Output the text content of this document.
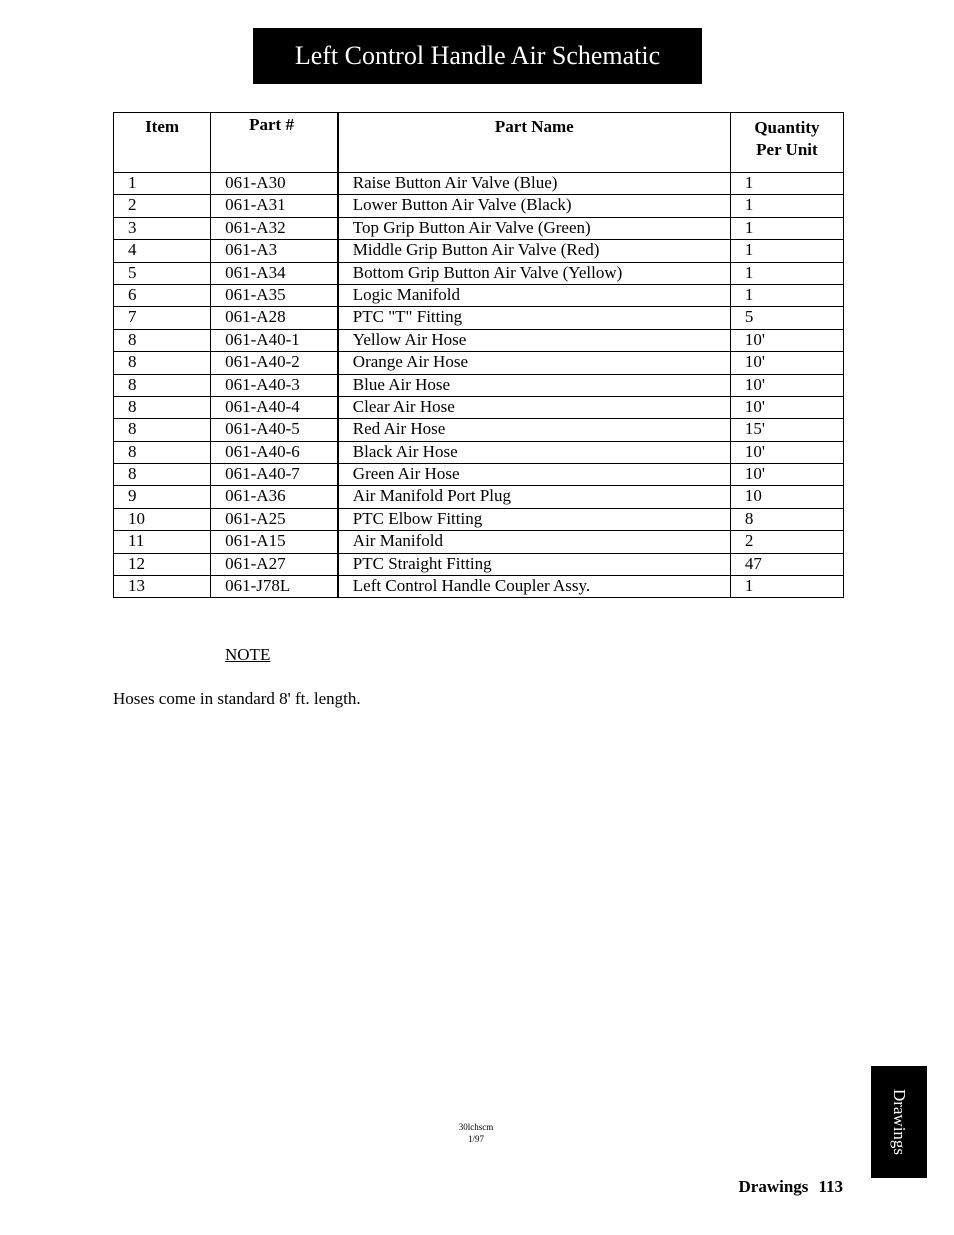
Left Control Handle Air Schematic
Item	Part #	Part Name	Quantity
Per Unit

1	061-A30	Raise Button Air Valve (Blue)	1
2	061-A31	Lower Button Air Valve (Black)	1
3	061-A32	Top Grip Button Air Valve (Green)	1
4	061-A3	Middle Grip Button Air Valve (Red)	1
5	061-A34	Bottom Grip Button Air Valve (Yellow)	1
6	061-A35	Logic Manifold	1
7	061-A28	PTC "T" Fitting	5
8	061-A40-1	Yellow Air Hose	10'
8	061-A40-2	Orange Air Hose	10'
8	061-A40-3	Blue Air Hose	10'
8	061-A40-4	Clear Air Hose	10'
8	061-A40-5	Red Air Hose	15'
8	061-A40-6	Black Air Hose	10'
8	061-A40-7	Green Air Hose	10'
9	061-A36	Air Manifold Port Plug	10
10	061-A25	PTC Elbow Fitting	8
11	061-A15	Air Manifold	2
12	061-A27	PTC Straight Fitting	47
13	061-J78L	Left Control Handle Coupler Assy.	1
NOTE
Hoses come in standard 8' ft. length.
30lchscm
1/97	Drawings
Drawings 113
